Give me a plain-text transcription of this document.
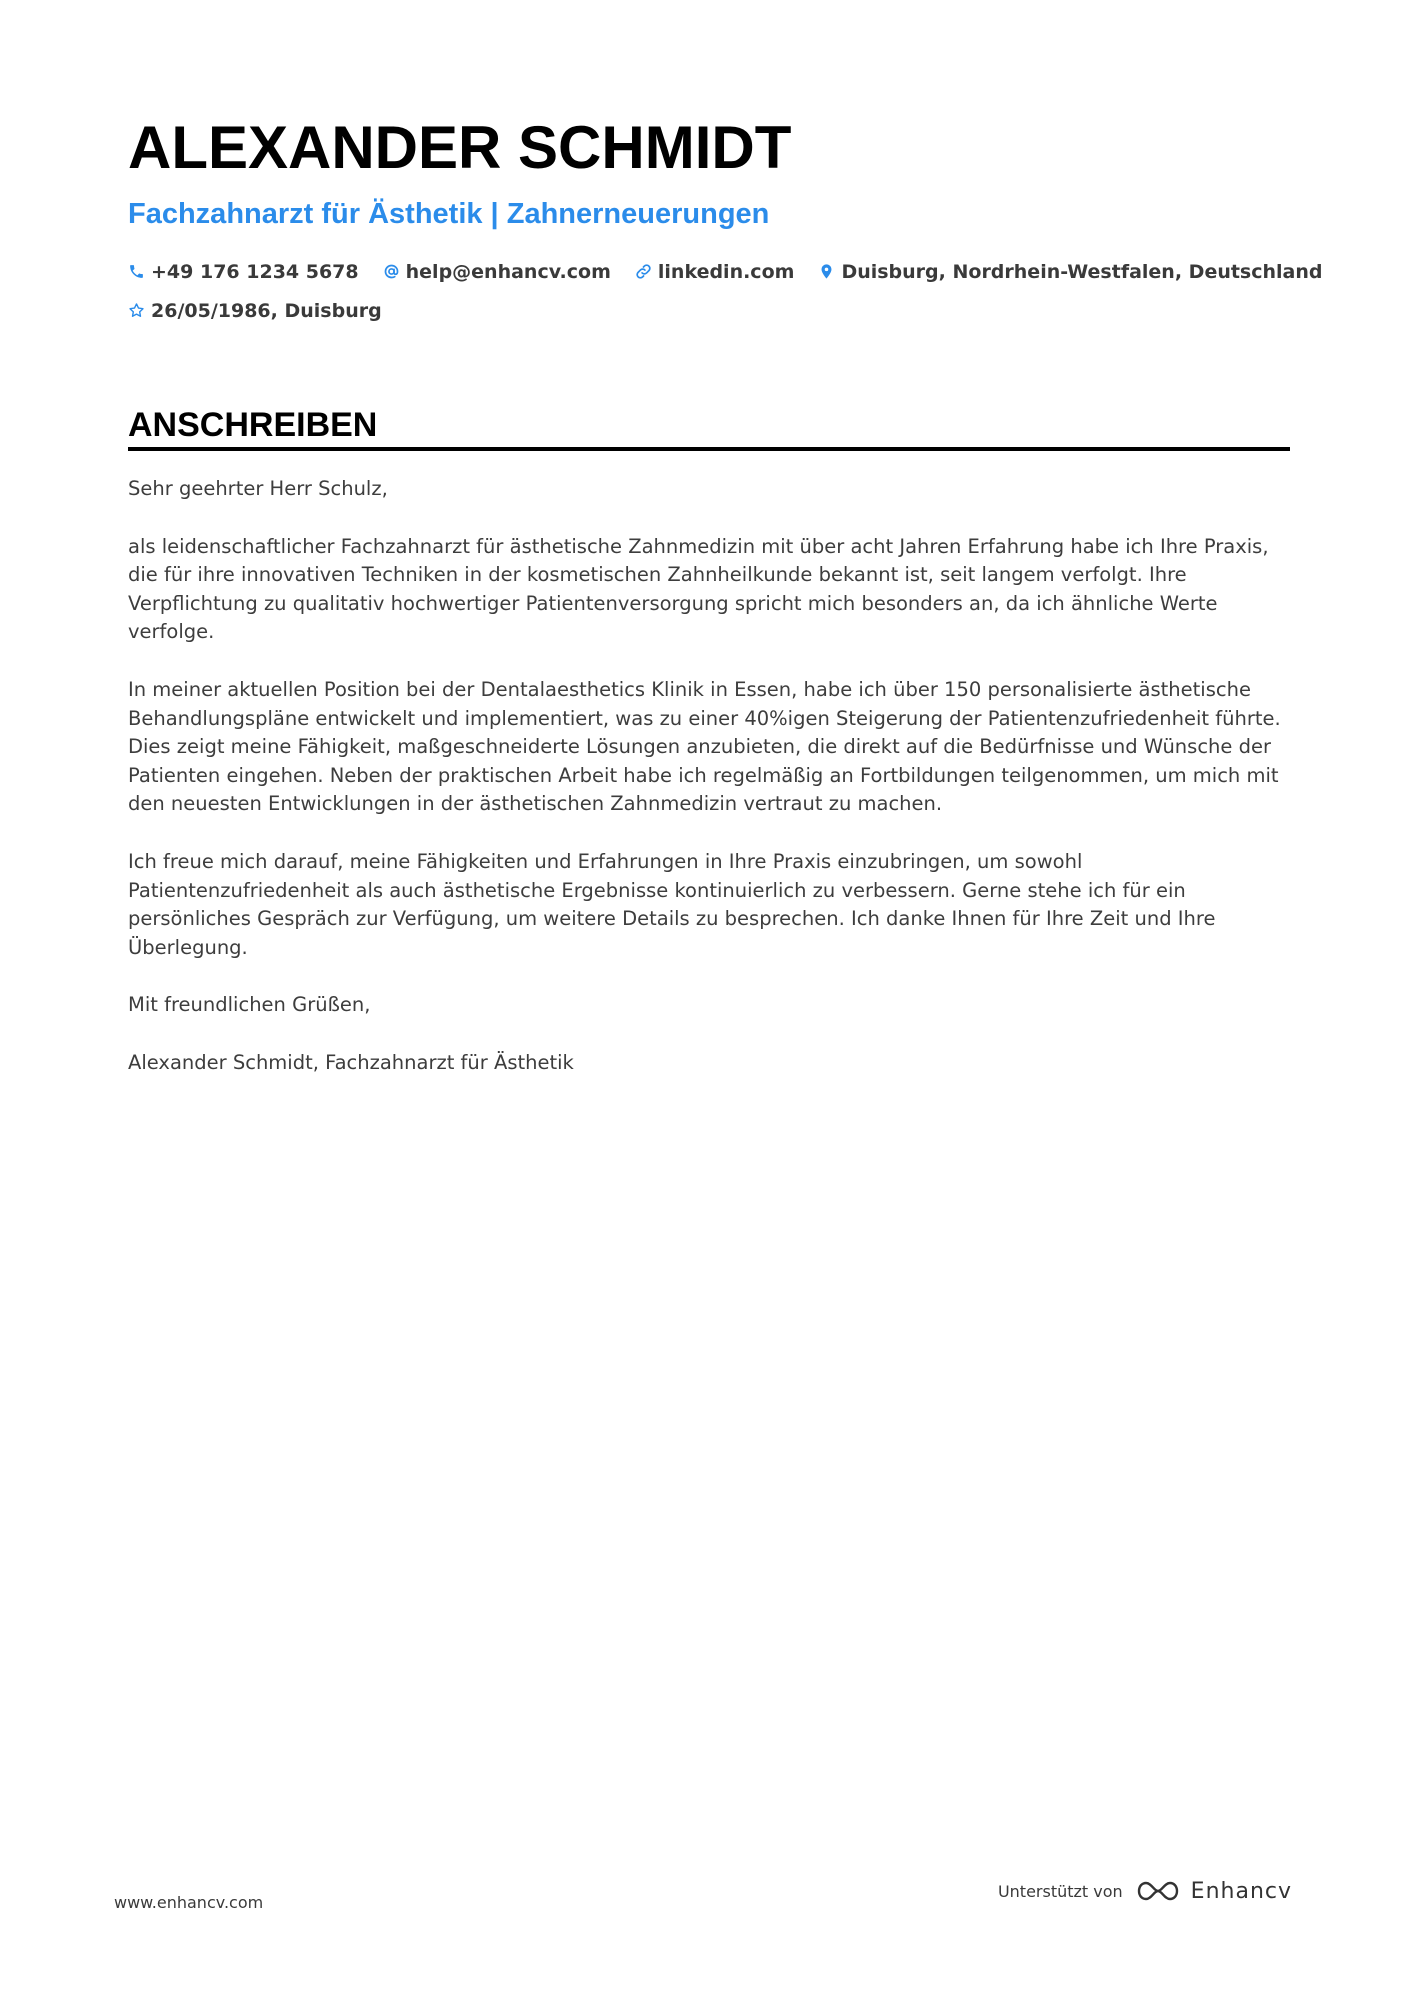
ALEXANDER SCHMIDT
Fachzahnarzt für Ästhetik | Zahnerneuerungen
+49 176 1234 5678 help@enhancv.com linkedin.com Duisburg, Nordrhein-Westfalen, Deutschland
26/05/1986, Duisburg
ANSCHREIBEN

Sehr geehrter Herr Schulz,

als leidenschaftlicher Fachzahnarzt für ästhetische Zahnmedizin mit über acht Jahren Erfahrung habe ich Ihre Praxis, die für ihre innovativen Techniken in der kosmetischen Zahnheilkunde bekannt ist, seit langem verfolgt. Ihre Verpflichtung zu qualitativ hochwertiger Patientenversorgung spricht mich besonders an, da ich ähnliche Werte verfolge.

In meiner aktuellen Position bei der Dentalaesthetics Klinik in Essen, habe ich über 150 personalisierte ästhetische Behandlungspläne entwickelt und implementiert, was zu einer 40%igen Steigerung der Patientenzufriedenheit führte. Dies zeigt meine Fähigkeit, maßgeschneiderte Lösungen anzubieten, die direkt auf die Bedürfnisse und Wünsche der Patienten eingehen. Neben der praktischen Arbeit habe ich regelmäßig an Fortbildungen teilgenommen, um mich mit den neuesten Entwicklungen in der ästhetischen Zahnmedizin vertraut zu machen.

Ich freue mich darauf, meine Fähigkeiten und Erfahrungen in Ihre Praxis einzubringen, um sowohl Patientenzufriedenheit als auch ästhetische Ergebnisse kontinuierlich zu verbessern. Gerne stehe ich für ein persönliches Gespräch zur Verfügung, um weitere Details zu besprechen. Ich danke Ihnen für Ihre Zeit und Ihre Überlegung.

Mit freundlichen Grüßen,

Alexander Schmidt, Fachzahnarzt für Ästhetik

www.enhancv.com
Unterstützt von	Enhancv
